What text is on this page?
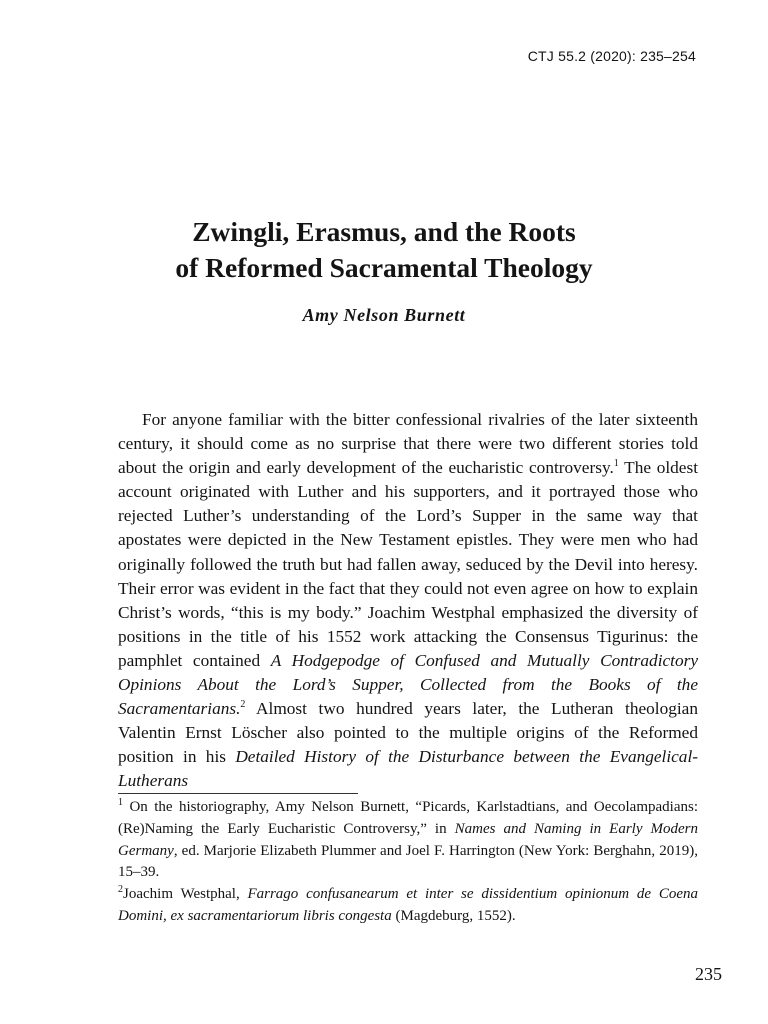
CTJ 55.2 (2020): 235–254
Zwingli, Erasmus, and the Roots
of Reformed Sacramental Theology
Amy Nelson Burnett

For anyone familiar with the bitter confessional rivalries of the later sixteenth century, it should come as no surprise that there were two different stories told about the origin and early development of the eucharistic controversy.$^1$ The oldest account originated with Luther and his supporters, and it portrayed those who rejected Luther’s understanding of the Lord’s Supper in the same way that apostates were depicted in the New Testament epistles. They were men who had originally followed the truth but had fallen away, seduced by the Devil into heresy. Their error was evident in the fact that they could not even agree on how to explain Christ’s words, “this is my body.” Joachim Westphal emphasized the diversity of positions in the title of his 1552 work attacking the Consensus Tigurinus: the pamphlet contained A Hodgepodge of Confused and Mutually Contradictory Opinions About the Lord’s Supper, Collected from the Books of the Sacramentarians.$^2$ Almost two hundred years later, the Lutheran theologian Valentin Ernst Löscher also pointed to the multiple origins of the Reformed position in his Detailed History of the Disturbance between the Evangelical-Lutherans

$^1$ On the historiography, Amy Nelson Burnett, “Picards, Karlstadtians, and Oecolampadians: (Re)Naming the Early Eucharistic Controversy,” in Names and Naming in Early Modern Germany, ed. Marjorie Elizabeth Plummer and Joel F. Harrington (New York: Berghahn, 2019), 15–39.

$^2$Joachim Westphal, Farrago confusanearum et inter se dissidentium opinionum de Coena Domini, ex sacramentariorum libris congesta (Magdeburg, 1552).

235
